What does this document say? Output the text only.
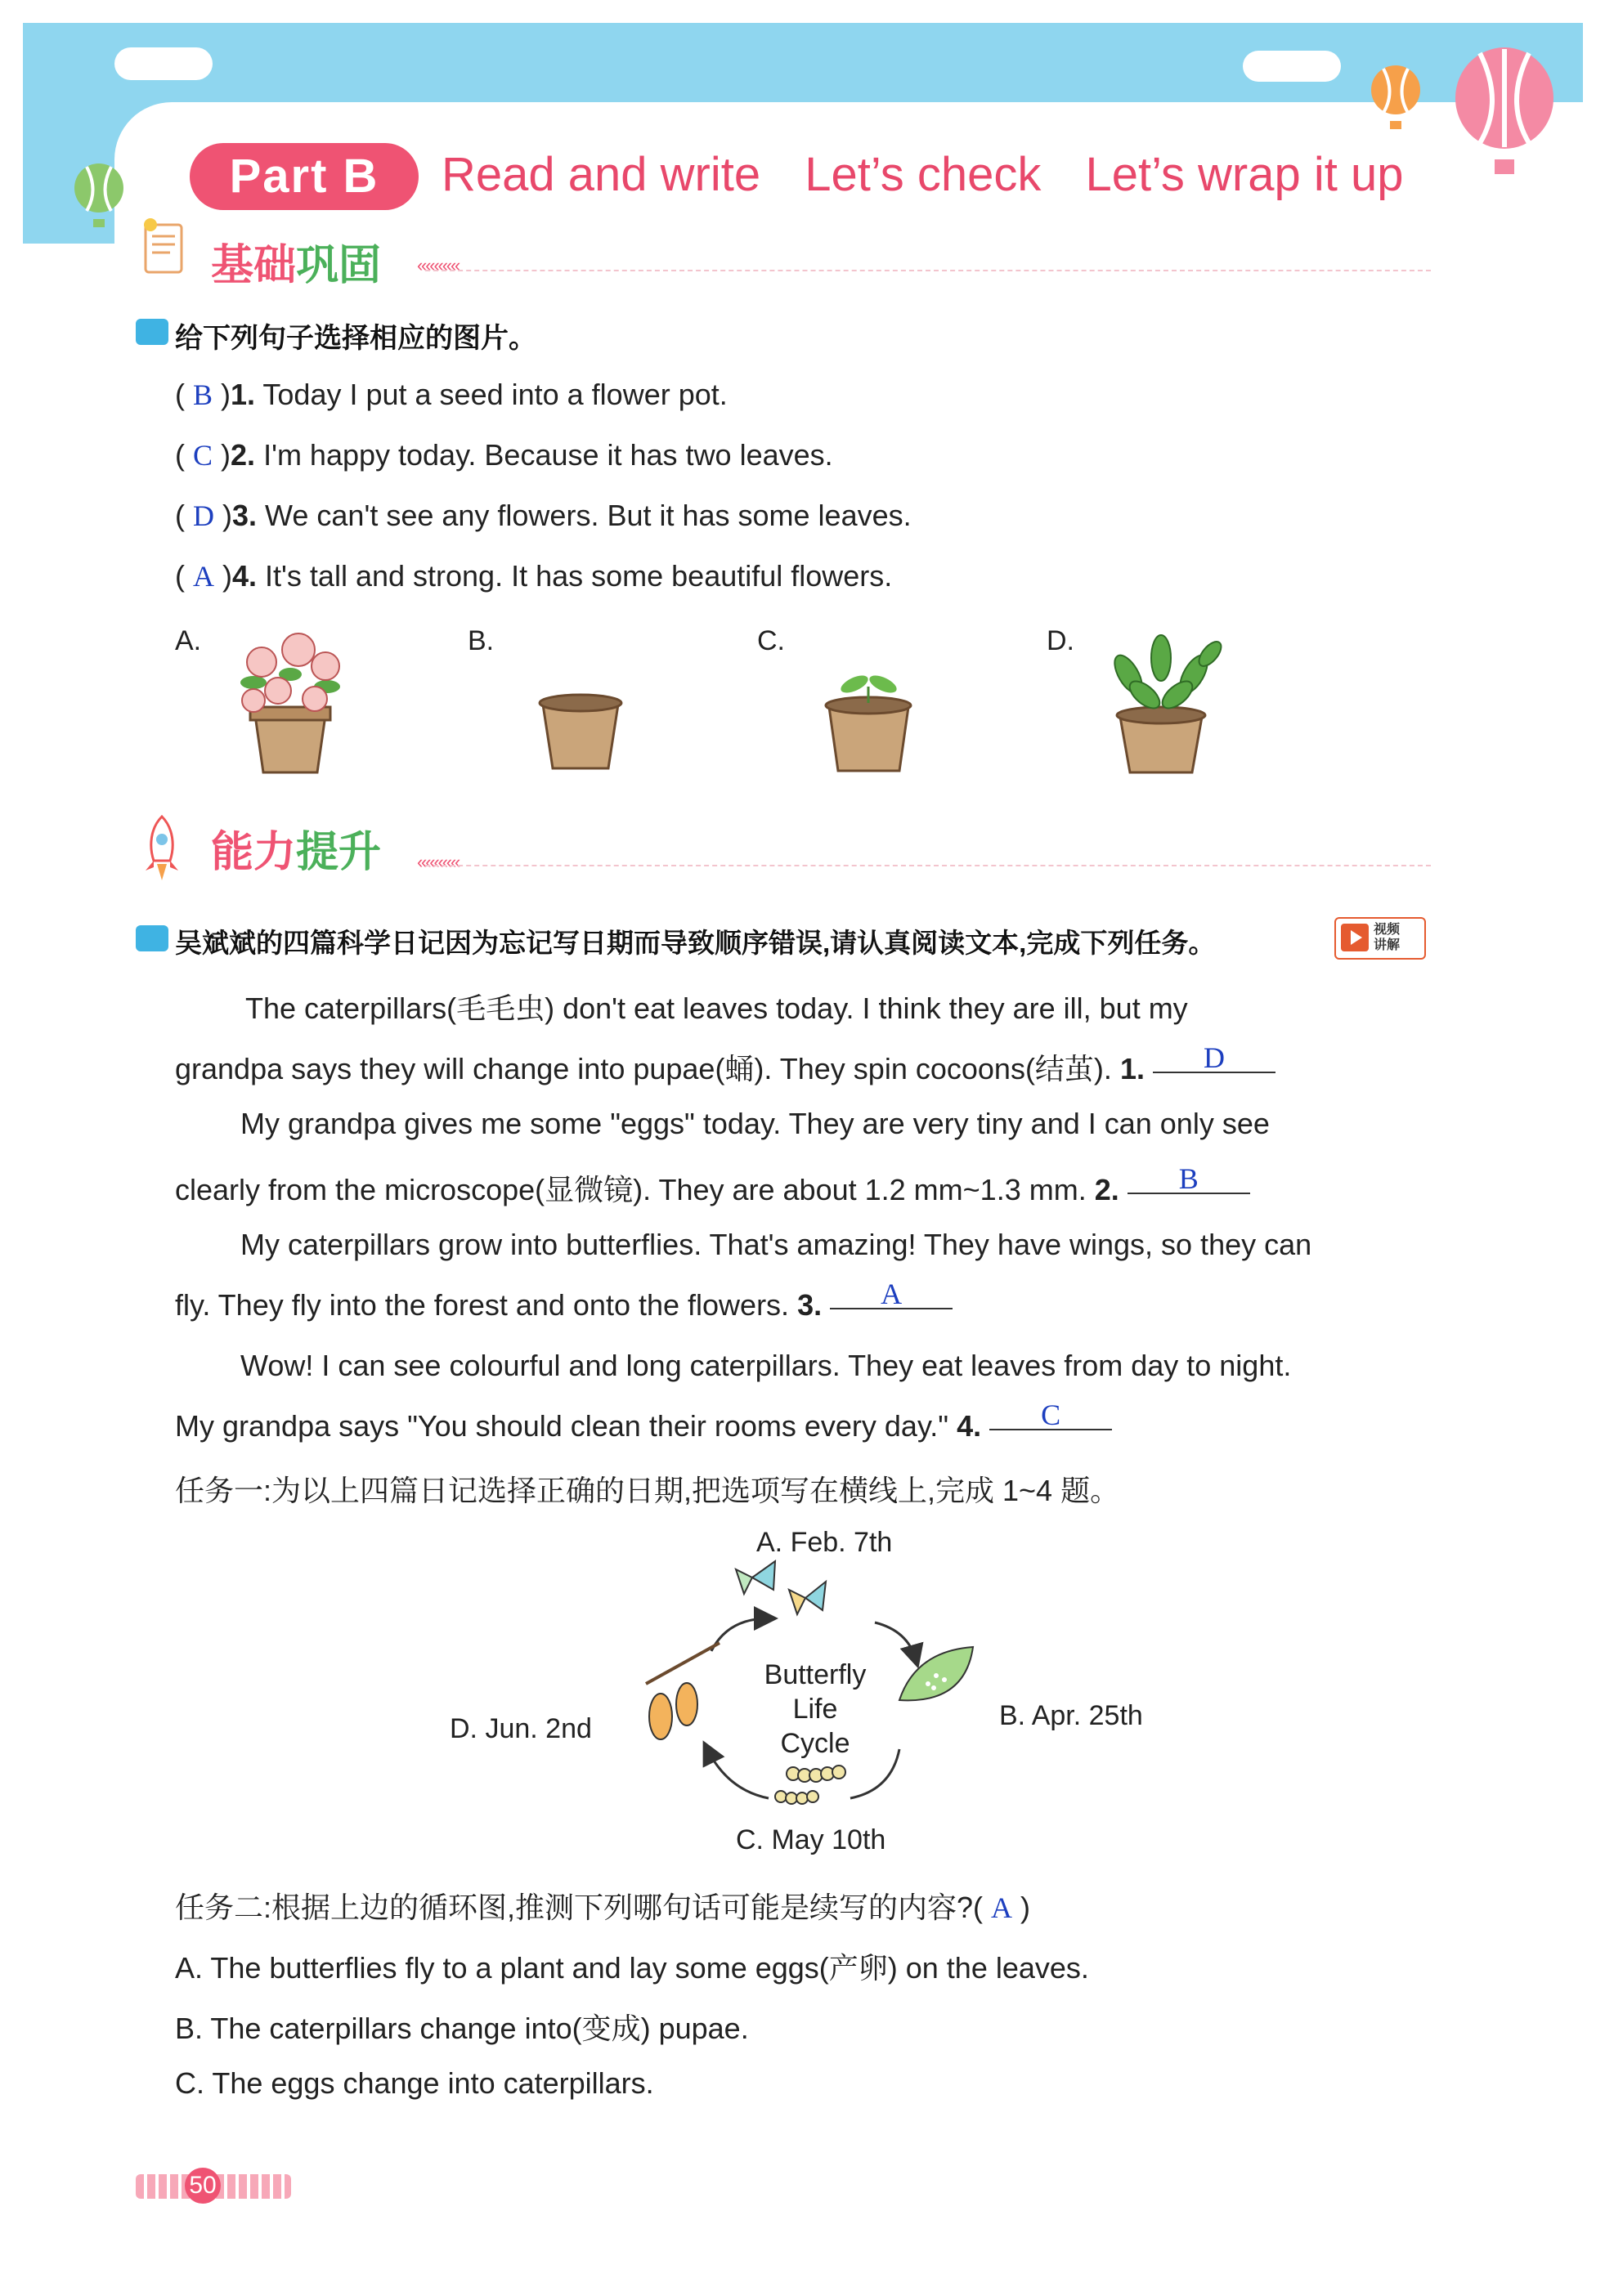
Part B	Read and write Let’s check Let’s wrap it up
基础巩固 «««««
给下列句子选择相应的图片。
( B )1. Today I put a seed into a flower pot.
( C )2. I'm happy today. Because it has two leaves.
( D )3. We can't see any flowers. But it has some leaves.
( A )4. It's tall and strong. It has some beautiful flowers.
A.	B.	C.	D.
能力提升 «««««
吴斌斌的四篇科学日记因为忘记写日期而导致顺序错误,请认真阅读文本,完成下列任务。	视频
讲解
The caterpillars(毛毛虫) don't eat leaves today. I think they are ill, but my
grandpa says they will change into pupae(蛹). They spin cocoons(结茧). 1. D
My grandpa gives me some "eggs" today. They are very tiny and I can only see
clearly from the microscope(显微镜). They are about 1.2 mm~1.3 mm. 2. B
My caterpillars grow into butterflies. That's amazing! They have wings, so they can
fly. They fly into the forest and onto the flowers. 3. A
Wow! I can see colourful and long caterpillars. They eat leaves from day to night.
My grandpa says "You should clean their rooms every day." 4. C
任务一:为以上四篇日记选择正确的日期,把选项写在横线上,完成 1~4 题。
A. Feb. 7th
B. Apr. 25th
C. May 10th
D. Jun. 2nd
Butterfly
Life
Cycle
任务二:根据上边的循环图,推测下列哪句话可能是续写的内容?( A )
A. The butterflies fly to a plant and lay some eggs(产卵) on the leaves.
B. The caterpillars change into(变成) pupae.
C. The eggs change into caterpillars.
50
